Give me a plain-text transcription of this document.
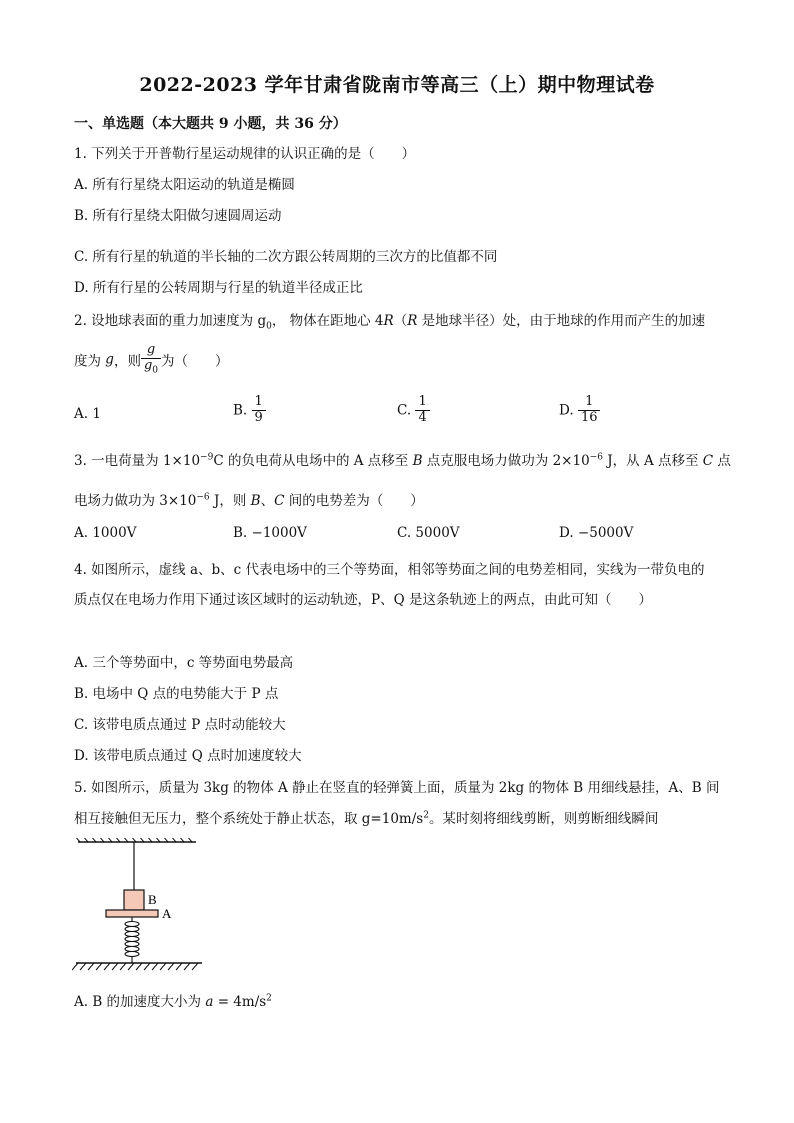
2022-2023 学年甘肃省陇南市等高三（上）期中物理试卷
一、单选题（本大题共 9 小题，共 36 分）
1. 下列关于开普勒行星运动规律的认识正确的是（　　）
A. 所有行星绕太阳运动的轨道是椭圆
B. 所有行星绕太阳做匀速圆周运动
C. 所有行星的轨道的半长轴的二次方跟公转周期的三次方的比值都不同
D. 所有行星的公转周期与行星的轨道半径成正比
2. 设地球表面的重力加速度为 $g_0$， 物体在距地心 4R（R 是地球半径）处，由于地球的作用而产生的加速
度为 g，则 $\frac{g}{g_0}$ 为（　　）
A. 1	B. $\frac{1}{9}$	C. $\frac{1}{4}$	D. $\frac{1}{16}$
3. 一电荷量为 $1\times 10^{-9}C$ 的负电荷从电场中的 A 点移至 B 点克服电场力做功为 $2\times 10^{-6}$ J，从 A 点移至 C 点
电场力做功为 $3\times 10^{-6}$ J，则 B、C 间的电势差为（　　）
A. 1000V	B. −1000V	C. 5000V	D. −5000V
4. 如图所示，虚线 a、b、c 代表电场中的三个等势面，相邻等势面之间的电势差相同，实线为一带负电的
质点仅在电场力作用下通过该区域时的运动轨迹，P、Q 是这条轨迹上的两点，由此可知（　　）
A. 三个等势面中，c 等势面电势最高
B. 电场中 Q 点的电势能大于 P 点
C. 该带电质点通过 P 点时动能较大
D. 该带电质点通过 Q 点时加速度较大
5. 如图所示，质量为 3kg 的物体 A 静止在竖直的轻弹簧上面，质量为 2kg 的物体 B 用细线悬挂，A、B 间
相互接触但无压力，整个系统处于静止状态，取 $g=10m/s^2$。某时刻将细线剪断，则剪断细线瞬间
B
A
A. B 的加速度大小为 $a = 4m/s^2$
